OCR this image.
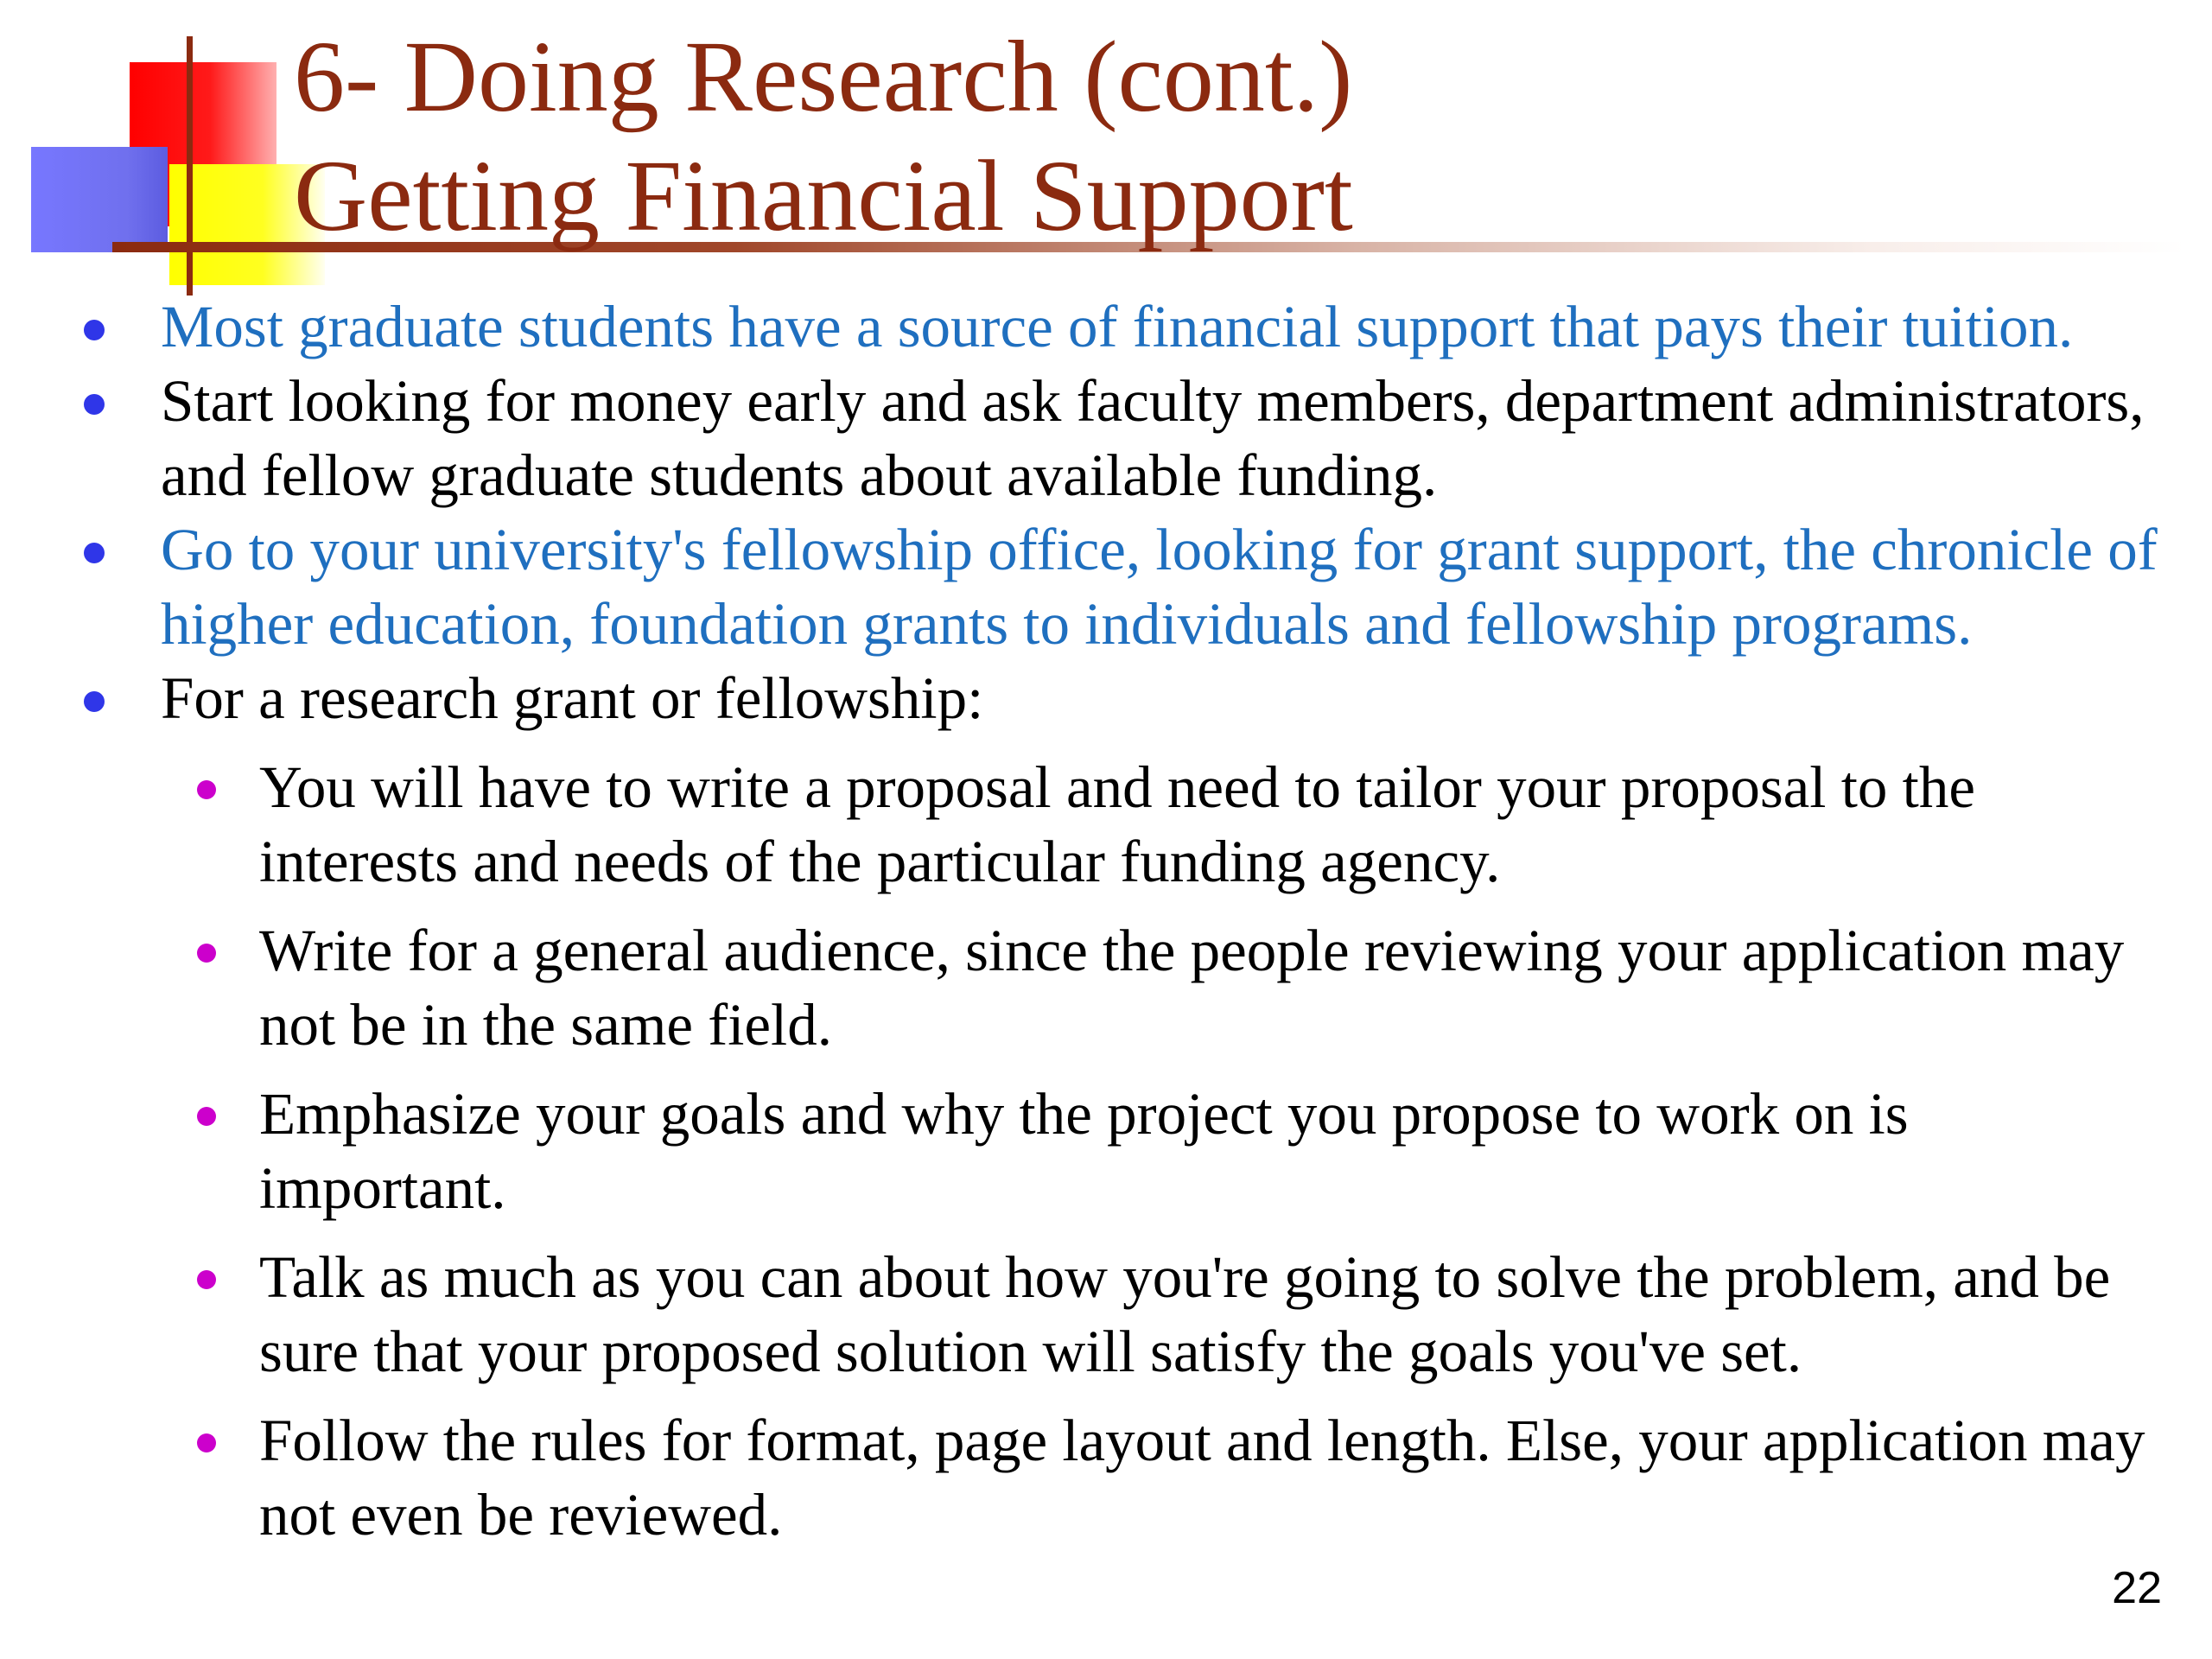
6- Doing Research (cont.)
Getting Financial Support
Most graduate students have a source of financial support that pays their tuition.
Start looking for money early and ask faculty members, department administrators, and fellow graduate students about available funding.
Go to your university's fellowship office, looking for grant support, the chronicle of higher education, foundation grants to individuals and fellowship programs.
For a research grant or fellowship:
You will have to write a proposal and need to tailor your proposal to the interests and needs of the particular funding agency.
Write for a general audience, since the people reviewing your application may not be in the same field.
Emphasize your goals and why the project you propose to work on is important.
Talk as much as you can about how you're going to solve the problem, and be sure that your proposed solution will satisfy the goals you've set.
Follow the rules for format, page layout and length. Else, your application may not even be reviewed.
22
